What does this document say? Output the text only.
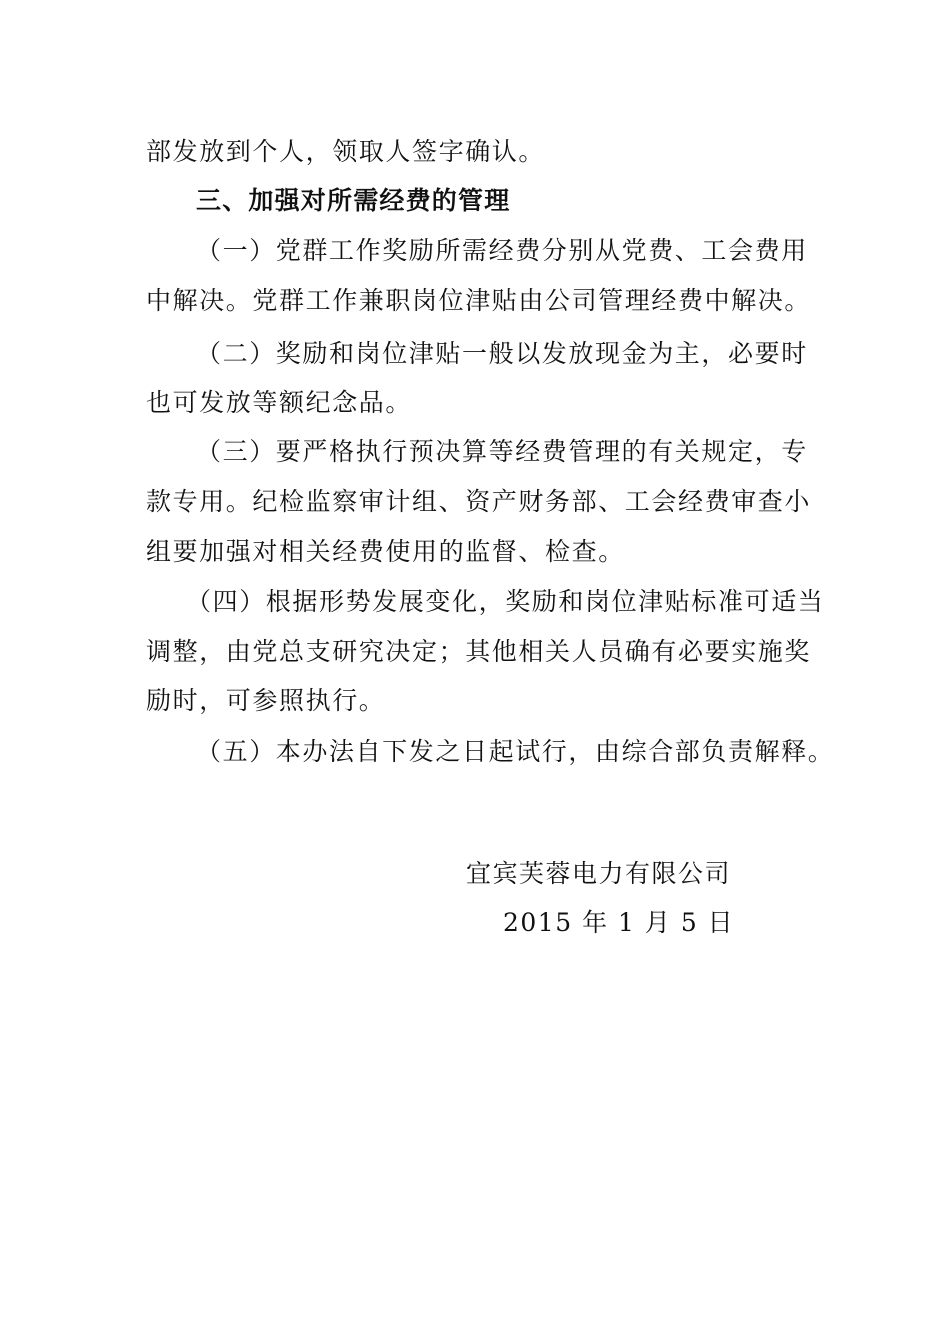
部发放到个人，领取人签字确认。
三、加强对所需经费的管理
（一）党群工作奖励所需经费分别从党费、工会费用
中解决。党群工作兼职岗位津贴由公司管理经费中解决。
（二）奖励和岗位津贴一般以发放现金为主，必要时
也可发放等额纪念品。
（三）要严格执行预决算等经费管理的有关规定，专
款专用。纪检监察审计组、资产财务部、工会经费审查小
组要加强对相关经费使用的监督、检查。
（四）根据形势发展变化，奖励和岗位津贴标准可适当
调整，由党总支研究决定；其他相关人员确有必要实施奖
励时，可参照执行。
（五）本办法自下发之日起试行，由综合部负责解释。
宜宾芙蓉电力有限公司
2015 年 1 月 5 日
